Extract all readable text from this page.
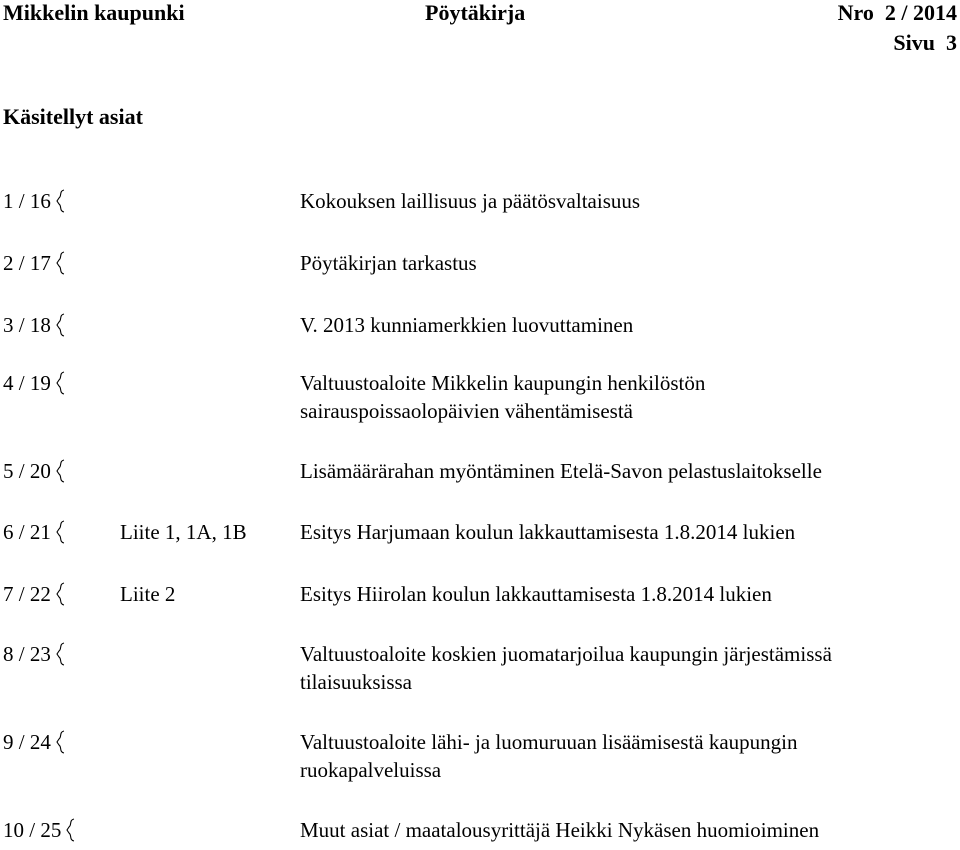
Mikkelin kaupunki	Pöytäkirja	Nro  2 / 2014
Sivu  3
Käsitellyt asiat
1 / 16	Kokouksen laillisuus ja päätösvaltaisuus
2 / 17	Pöytäkirjan tarkastus
3 / 18	V. 2013 kunniamerkkien luovuttaminen
4 / 19	Valtuustoaloite Mikkelin kaupungin henkilöstön
sairauspoissaolopäivien vähentämisestä
5 / 20	Lisämäärärahan myöntäminen Etelä-Savon pelastuslaitokselle
6 / 21	Liite 1, 1A, 1B	Esitys Harjumaan koulun lakkauttamisesta 1.8.2014 lukien
7 / 22	Liite 2	Esitys Hiirolan koulun lakkauttamisesta 1.8.2014 lukien
8 / 23	Valtuustoaloite koskien juomatarjoilua kaupungin järjestämissä
tilaisuuksissa
9 / 24	Valtuustoaloite lähi- ja luomuruuan lisäämisestä kaupungin
ruokapalveluissa
10 / 25	Muut asiat / maatalousyrittäjä Heikki Nykäsen huomioiminen
